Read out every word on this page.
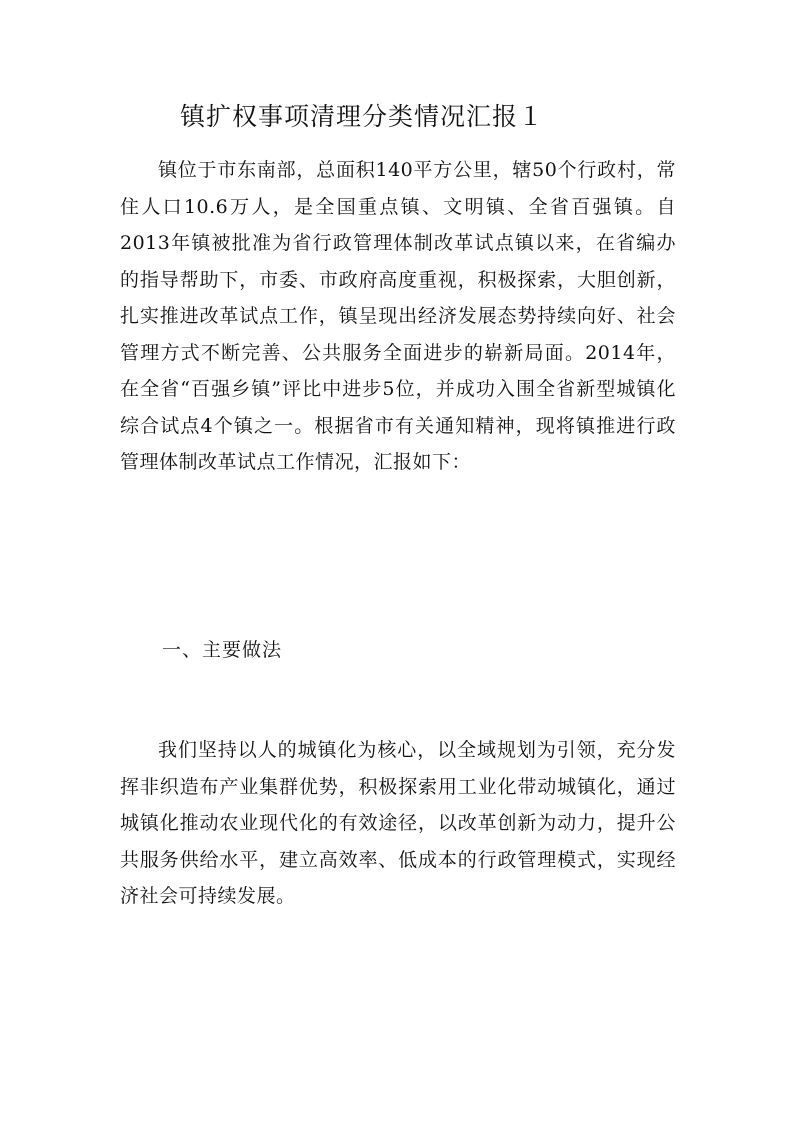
镇扩权事项清理分类情况汇报１

镇位于市东南部，总面积140平方公里，辖50个行政村，常住人口10.6万人，是全国重点镇、文明镇、全省百强镇。自2013年镇被批准为省行政管理体制改革试点镇以来，在省编办的指导帮助下，市委、市政府高度重视，积极探索，大胆创新，扎实推进改革试点工作，镇呈现出经济发展态势持续向好、社会管理方式不断完善、公共服务全面进步的崭新局面。2014年，在全省“百强乡镇”评比中进步5位，并成功入围全省新型城镇化综合试点4个镇之一。根据省市有关通知精神，现将镇推进行政管理体制改革试点工作情况，汇报如下：

一、主要做法

我们坚持以人的城镇化为核心，以全域规划为引领，充分发挥非织造布产业集群优势，积极探索用工业化带动城镇化，通过城镇化推动农业现代化的有效途径，以改革创新为动力，提升公共服务供给水平，建立高效率、低成本的行政管理模式，实现经济社会可持续发展。
